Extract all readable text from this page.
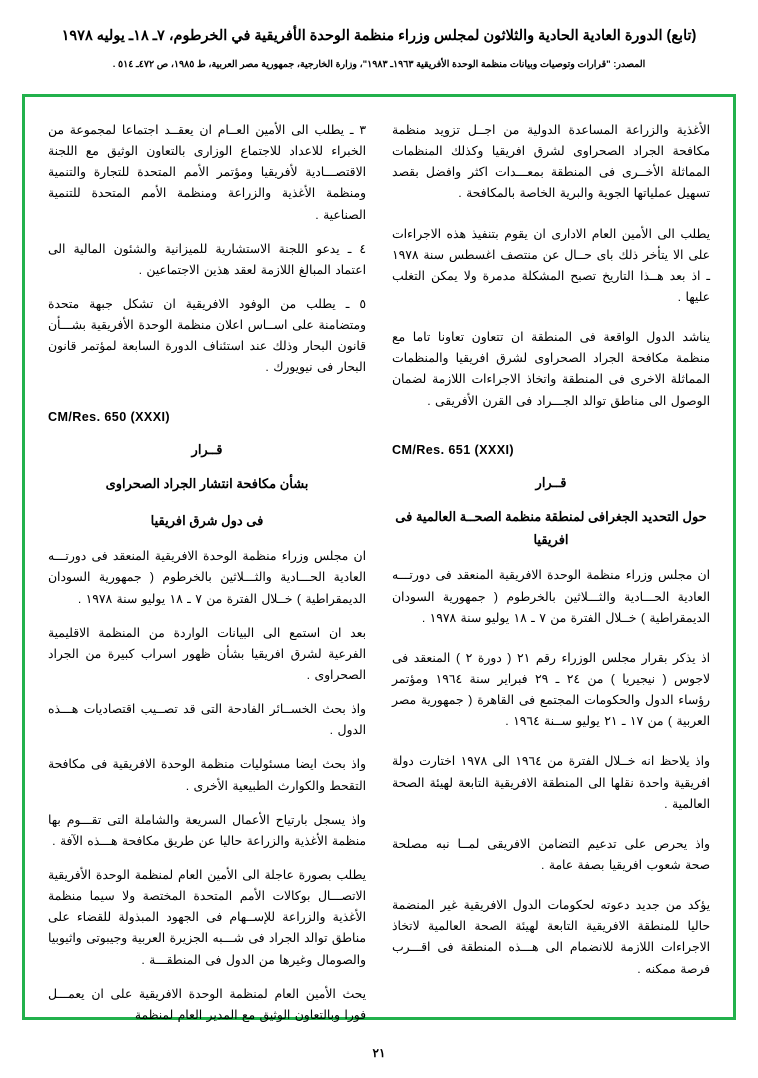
(تابع) الدورة العادية الحادية والثلاثون لمجلس وزراء منظمة الوحدة الأفريقية في الخرطوم، ٧ـ ١٨ـ يوليه ١٩٧٨
المصدر: "قرارات وتوصيات وبيانات منظمة الوحدة الأفريقية ١٩٦٣ـ ١٩٨٣"، وزارة الخارجية، جمهورية مصر العربية، ط ١٩٨٥، ص ٤٧٢ـ ٥١٤ .
الأغذية والزراعة المساعدة الدولية من اجــل تزويد منظمة مكافحة الجراد الصحراوى لشرق افريقيا وكذلك المنظمات المماثلة الأخــرى فى المنطقة بمعـــدات اكثر وافضل بقصد تسهيل عملياتها الجوية والبرية الخاصة بالمكافحة .
يطلب الى الأمين العام الادارى ان يقوم بتنفيذ هذه الاجراءات على الا يتأخر ذلك باى حــال عن منتصف اغسطس سنة ١٩٧٨ ـ اذ بعد هــذا التاريخ تصبح المشكلة مدمرة ولا يمكن التغلب عليها .
يناشد الدول الواقعة فى المنطقة ان تتعاون تعاونا تاما مع منظمة مكافحة الجراد الصحراوى لشرق افريقيا والمنظمات المماثلة الاخرى فى المنطقة واتخاذ الاجراءات اللازمة لضمان الوصول الى مناطق توالد الجـــراد فى القرن الأفريقى .
CM/Res. 651 (XXXI)
قــرار
حول التحديد الجغرافى لمنطقة منظمة الصحــة العالمية فى افريقيا
ان مجلس وزراء منظمة الوحدة الافريقية المنعقد فى دورتـــه العادية الحـــادية والثـــلاثين بالخرطوم ( جمهورية السودان الديمقراطية ) خــلال الفترة من ٧ ـ ١٨ يوليو سنة ١٩٧٨ .
اذ يذكر بقرار مجلس الوزراء رقم ٢١ ( دورة ٢ ) المنعقد فى لاجوس ( نيجيريا ) من ٢٤ ـ ٢٩ فبراير سنة ١٩٦٤ ومؤتمر رؤساء الدول والحكومات المجتمع فى القاهرة ( جمهورية مصر العربية ) من ١٧ ـ ٢١ يوليو ســنة ١٩٦٤ .
واذ يلاحظ انه خــلال الفترة من ١٩٦٤ الى ١٩٧٨ اختارت دولة افريقية واحدة نقلها الى المنطقة الافريقية التابعة لهيئة الصحة العالمية .
واذ يحرص على تدعيم التضامن الافريقى لمــا نبه مصلحة صحة شعوب افريقيا بصفة عامة .
يؤكد من جديد دعوته لحكومات الدول الافريقية غير المنضمة حاليا للمنطقة الافريقية التابعة لهيئة الصحة العالمية لاتخاذ الاجراءات اللازمة للانضمام الى هـــذه المنطقة فى اقـــرب فرصة ممكنه .
٣ ـ يطلب الى الأمين العــام ان يعقــد اجتماعا لمجموعة من الخبراء للاعداد للاجتماع الوزارى بالتعاون الوثيق مع اللجنة الاقتصـــادية لأفريقيا ومؤتمر الأمم المتحدة للتجارة والتنمية ومنظمة الأغذية والزراعة ومنظمة الأمم المتحدة للتنمية الصناعية .
٤ ـ يدعو اللجنة الاستشارية للميزانية والشئون المالية الى اعتماد المبالغ اللازمة لعقد هذين الاجتماعين .
٥ ـ يطلب من الوفود الافريقية ان تشكل جبهة متحدة ومتضامنة على اســاس اعلان منظمة الوحدة الأفريقية بشـــأن قانون البحار وذلك عند استئناف الدورة السابعة لمؤتمر قانون البحار فى نيويورك .
CM/Res. 650 (XXXI)
قــرار
بشأن مكافحة انتشار الجراد الصحراوى
فى دول شرق افريقيا
ان مجلس وزراء منظمة الوحدة الافريقية المنعقد فى دورتـــه العادية الحـــادية والثـــلاثين بالخرطوم ( جمهورية السودان الديمقراطية ) خــلال الفترة من ٧ ـ ١٨ يوليو سنة ١٩٧٨ .
بعد ان استمع الى البيانات الواردة من المنظمة الاقليمية الفرعية لشرق افريقيا بشأن ظهور اسراب كبيرة من الجراد الصحراوى .
واذ بحث الخســائر الفادحة التى قد تصــيب اقتصاديات هـــذه الدول .
واذ بحث ايضا مسئوليات منظمة الوحدة الافريقية فى مكافحة التقحط والكوارث الطبيعية الأخرى .
واذ يسجل بارتياح الأعمال السريعة والشاملة التى تقـــوم بها منظمة الأغذية والزراعة حاليا عن طريق مكافحة هـــذه الآفة .
يطلب بصورة عاجلة الى الأمين العام لمنظمة الوحدة الأفريقية الاتصـــال بوكالات الأمم المتحدة المختصة ولا سيما منظمة الأغذية والزراعة للإســهام فى الجهود المبذولة للقضاء على مناطق توالد الجراد فى شـــبه الجزيرة العربية وجيبوتى واثيوبيا والصومال وغيرها من الدول فى المنطقـــة .
يحث الأمين العام لمنظمة الوحدة الافريقية على ان يعمـــل فورا وبالتعاون الوثيق مع المدير العام لمنظمة
٢١
